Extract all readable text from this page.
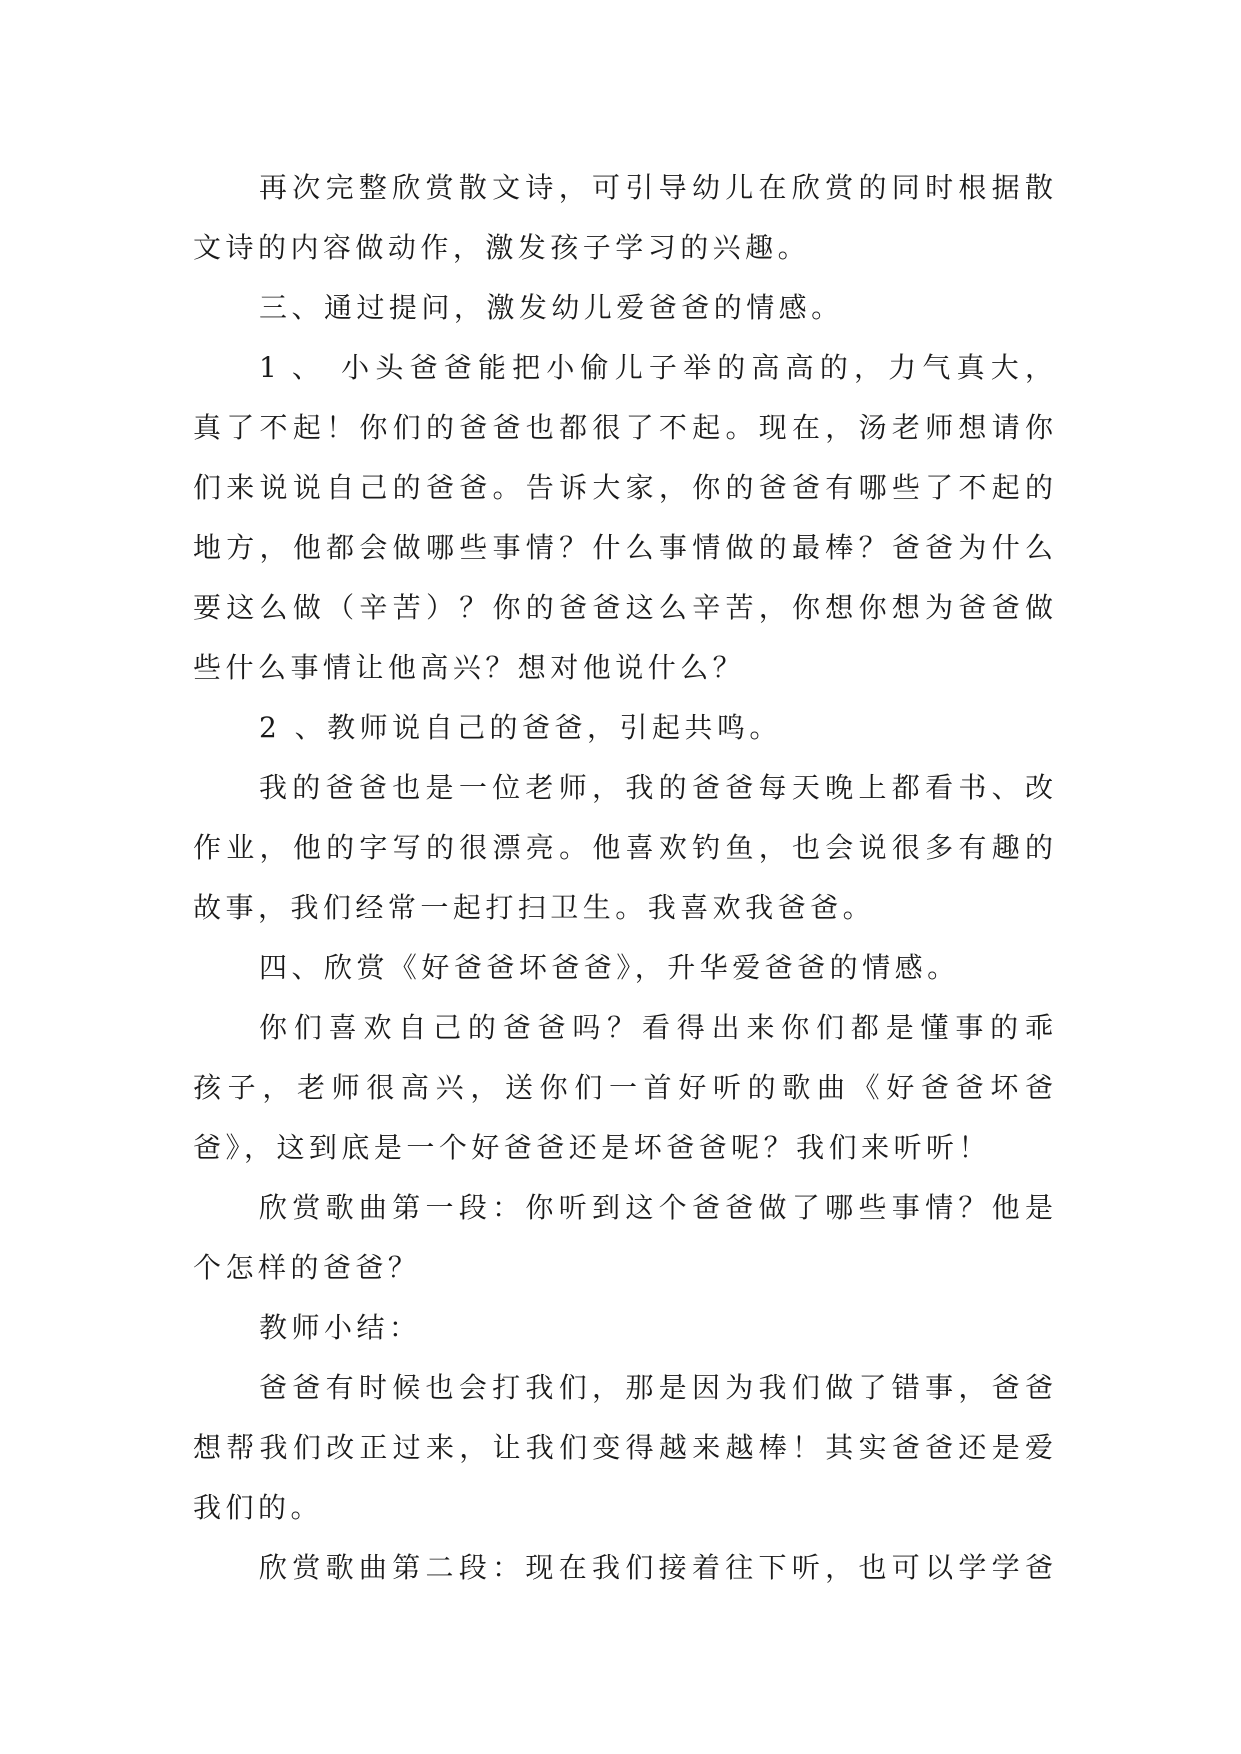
再次完整欣赏散文诗，可引导幼儿在欣赏的同时根据散
文诗的内容做动作，激发孩子学习的兴趣。
三、通过提问，激发幼儿爱爸爸的情感。
1 、 小头爸爸能把小偷儿子举的高高的，力气真大，
真了不起！你们的爸爸也都很了不起。现在，汤老师想请你
们来说说自己的爸爸。告诉大家，你的爸爸有哪些了不起的
地方，他都会做哪些事情？什么事情做的最棒？爸爸为什么
要这么做（辛苦）？你的爸爸这么辛苦，你想你想为爸爸做
些什么事情让他高兴？想对他说什么？
2 、教师说自己的爸爸，引起共鸣。
我的爸爸也是一位老师，我的爸爸每天晚上都看书、改
作业，他的字写的很漂亮。他喜欢钓鱼，也会说很多有趣的
故事，我们经常一起打扫卫生。我喜欢我爸爸。
四、欣赏《好爸爸坏爸爸》，升华爱爸爸的情感。
你们喜欢自己的爸爸吗？看得出来你们都是懂事的乖
孩子，老师很高兴，送你们一首好听的歌曲《好爸爸坏爸
爸》，这到底是一个好爸爸还是坏爸爸呢？我们来听听！
欣赏歌曲第一段：你听到这个爸爸做了哪些事情？他是
个怎样的爸爸？
教师小结：
爸爸有时候也会打我们，那是因为我们做了错事，爸爸
想帮我们改正过来，让我们变得越来越棒！其实爸爸还是爱
我们的。
欣赏歌曲第二段：现在我们接着往下听，也可以学学爸
